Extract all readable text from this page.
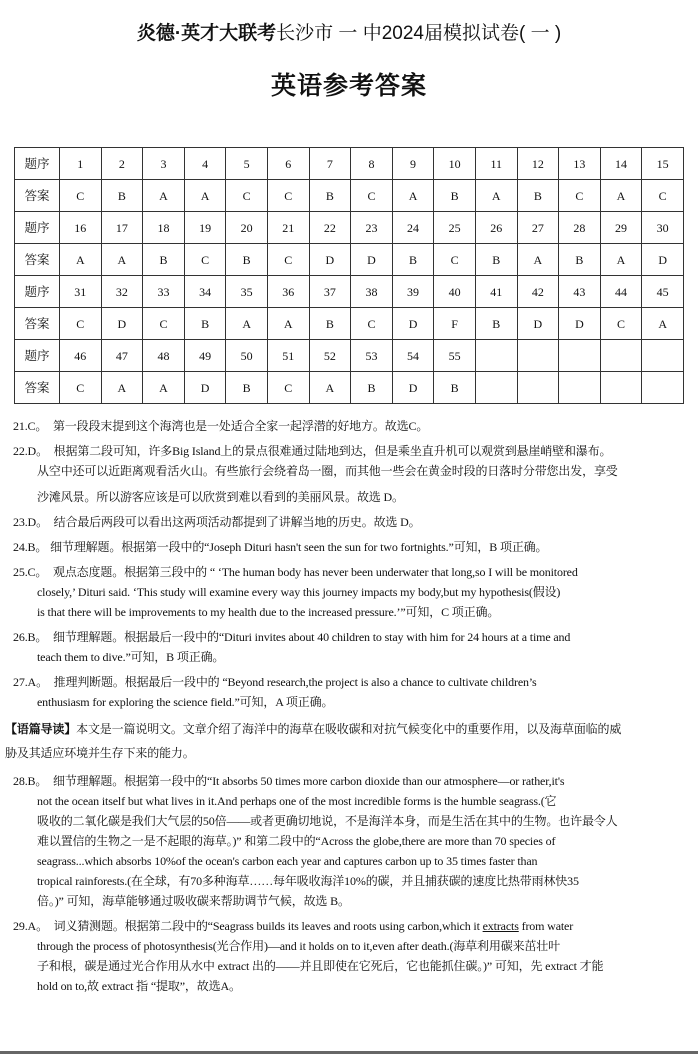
炎德·英才大联考长沙市 一 中2024届模拟试卷( 一 )
英语参考答案
题序	1	2	3	4	5	6	7	8	9	10	11	12	13	14	15
答案	C	B	A	A	C	C	B	C	A	B	A	B	C	A	C
题序	16	17	18	19	20	21	22	23	24	25	26	27	28	29	30
答案	A	A	B	C	B	C	D	D	B	C	B	A	B	A	D
题序	31	32	33	34	35	36	37	38	39	40	41	42	43	44	45
答案	C	D	C	B	A	A	B	C	D	F	B	D	D	C	A
题序	46	47	48	49	50	51	52	53	54	55					
答案	C	A	A	D	B	C	A	B	D	B					

21.C。 第一段段末提到这个海湾也是一处适合全家一起浮潜的好地方。故选C。

22.D。 根据第二段可知，许多Big Island上的景点很难通过陆地到达，但是乘坐直升机可以观赏到悬崖峭壁和瀑布。

从空中还可以近距离观看活火山。有些旅行会绕着岛一圈，而其他一些会在黄金时段的日落时分带您出发，享受

沙滩风景。所以游客应该是可以欣赏到难以看到的美丽风景。故选 D。

23.D。 结合最后两段可以看出这两项活动都提到了讲解当地的历史。故选 D。

24.B。 细节理解题。根据第一段中的“Joseph Dituri hasn't seen the sun for two fortnights.”可知，B 项正确。

25.C。 观点态度题。根据第三段中的 “ ‘The human body has never been underwater that long,so I will be monitored

closely,’ Dituri said. ‘This study will examine every way this journey impacts my body,but my hypothesis(假设)

is that there will be improvements to my health due to the increased pressure.’”可知，C 项正确。

26.B。 细节理解题。根据最后一段中的“Dituri invites about 40 children to stay with him for 24 hours at a time and

teach them to dive.”可知，B 项正确。

27.A。 推理判断题。根据最后一段中的 “Beyond research,the project is also a chance to cultivate children’s

enthusiasm for exploring the science field.”可知，A 项正确。

【语篇导读】本文是一篇说明文。文章介绍了海洋中的海草在吸收碳和对抗气候变化中的重要作用，以及海草面临的威

胁及其适应环境并生存下来的能力。

28.B。 细节理解题。根据第一段中的“It absorbs 50 times more carbon dioxide than our atmosphere—or rather,it's

not the ocean itself but what lives in it.And perhaps one of the most incredible forms is the humble seagrass.(它

吸收的二氧化碳是我们大气层的50倍——或者更确切地说，不是海洋本身，而是生活在其中的生物。也许最令人

难以置信的生物之一是不起眼的海草。)” 和第二段中的“Across the globe,there are more than 70 species of

seagrass...which absorbs 10%of the ocean's carbon each year and captures carbon up to 35 times faster than

tropical rainforests.(在全球，有70多种海草……每年吸收海洋10%的碳，并且捕获碳的速度比热带雨林快35

倍。)” 可知，海草能够通过吸收碳来帮助调节气候，故选 B。

29.A。 词义猜测题。根据第二段中的“Seagrass builds its leaves and roots using carbon,which it extracts from water

through the process of photosynthesis(光合作用)—and it holds on to it,even after death.(海草利用碳来茁壮叶

子和根，碳是通过光合作用从水中 extract 出的——并且即使在它死后，它也能抓住碳。)” 可知，先 extract 才能

hold on to,故 extract 指 “提取”，故选A。
